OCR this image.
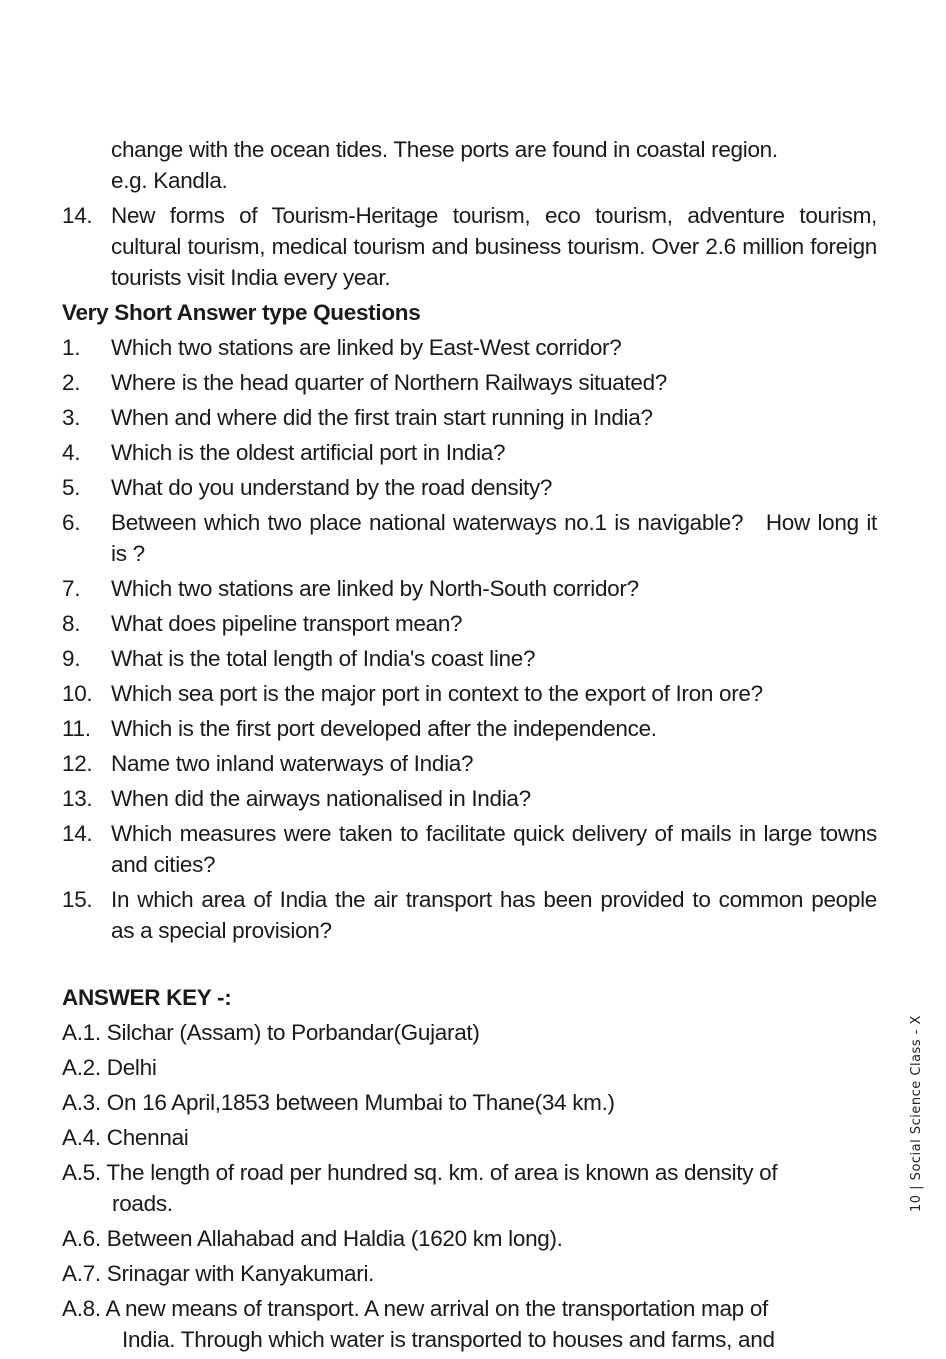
change with the ocean tides. These ports are found in coastal region.
e.g. Kandla.
14. New forms of Tourism-Heritage tourism, eco tourism, adventure tourism, cultural tourism, medical tourism and business tourism. Over 2.6 million foreign tourists visit India every year.
Very Short Answer type Questions
1. Which two stations are linked by East-West corridor?
2. Where is the head quarter of Northern Railways situated?
3. When and where did the first train start running in India?
4. Which is the oldest artificial port in India?
5. What do you understand by the road density?
6. Between which two place national waterways no.1 is navigable?   How long it is ?
7. Which two stations are linked by North-South corridor?
8. What does pipeline transport mean?
9. What is the total length of India's coast line?
10. Which sea port is the major port in context to the export of Iron ore?
11. Which is the first port developed after the independence.
12. Name two inland waterways of India?
13. When did the airways nationalised in India?
14. Which measures were taken to facilitate quick delivery of mails in large towns and cities?
15. In which area of India the air transport has been provided to common people as a special provision?
ANSWER KEY -:
A.1. Silchar (Assam) to Porbandar(Gujarat)
A.2. Delhi
A.3. On 16 April,1853 between Mumbai to Thane(34 km.)
A.4. Chennai
A.5. The length of road per hundred sq. km. of area is known as density of
roads.
A.6. Between Allahabad and Haldia (1620 km long).
A.7. Srinagar with Kanyakumari.
A.8. A new means of transport. A new arrival on the transportation map of
India. Through which water is transported to houses and farms, and
10 | Social Science Class - X
